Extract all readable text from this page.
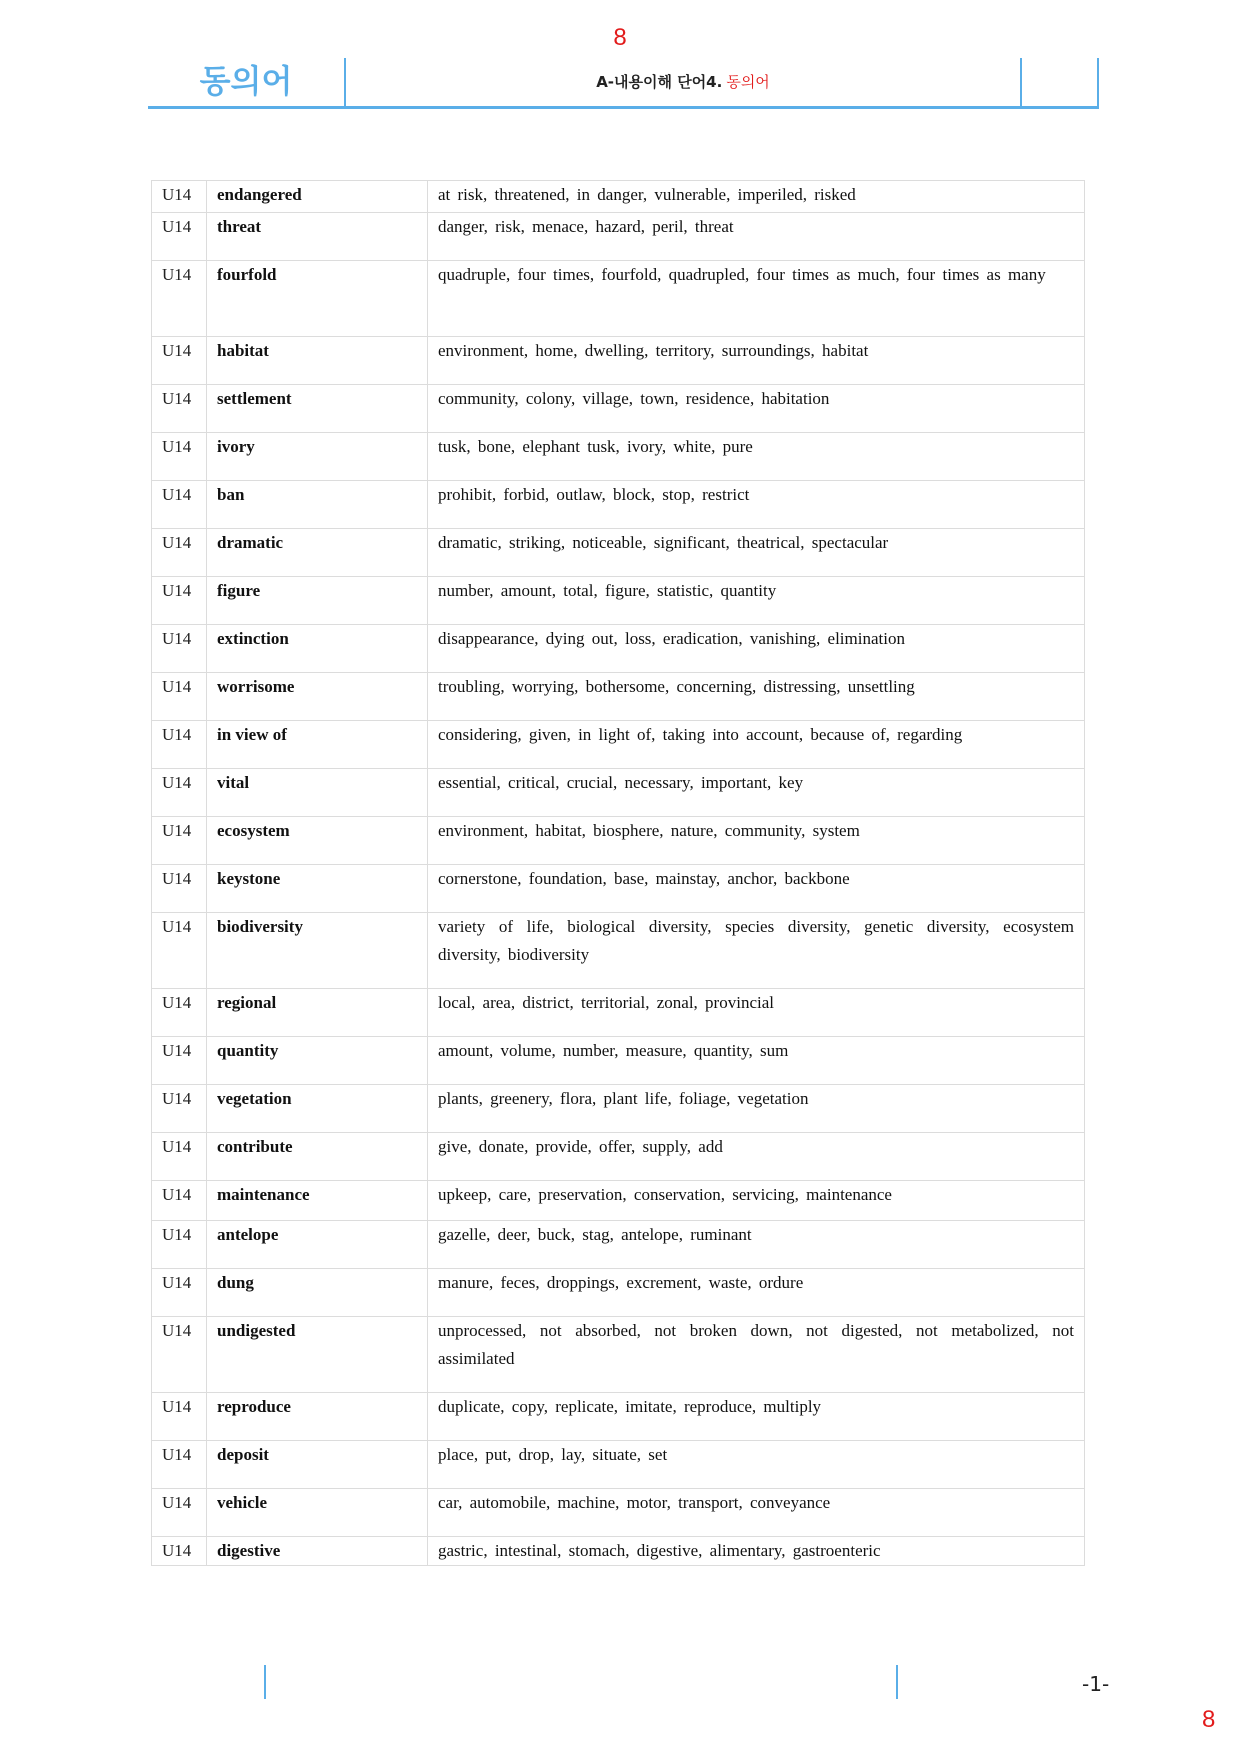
8
동의어	A-내용이해 단어4. 동의어
U14	endangered	at risk, threatened, in danger, vulnerable, imperiled, risked
U14	threat	danger, risk, menace, hazard, peril, threat
U14	fourfold	quadruple, four times, fourfold, quadrupled, four times as much, four times as many
U14	habitat	environment, home, dwelling, territory, surroundings, habitat
U14	settlement	community, colony, village, town, residence, habitation
U14	ivory	tusk, bone, elephant tusk, ivory, white, pure
U14	ban	prohibit, forbid, outlaw, block, stop, restrict
U14	dramatic	dramatic, striking, noticeable, significant, theatrical, spectacular
U14	figure	number, amount, total, figure, statistic, quantity
U14	extinction	disappearance, dying out, loss, eradication, vanishing, elimination
U14	worrisome	troubling, worrying, bothersome, concerning, distressing, unsettling
U14	in view of	considering, given, in light of, taking into account, because of, regarding
U14	vital	essential, critical, crucial, necessary, important, key
U14	ecosystem	environment, habitat, biosphere, nature, community, system
U14	keystone	cornerstone, foundation, base, mainstay, anchor, backbone
U14	biodiversity	variety of life, biological diversity, species diversity, genetic diversity, ecosystem diversity, biodiversity
U14	regional	local, area, district, territorial, zonal, provincial
U14	quantity	amount, volume, number, measure, quantity, sum
U14	vegetation	plants, greenery, flora, plant life, foliage, vegetation
U14	contribute	give, donate, provide, offer, supply, add
U14	maintenance	upkeep, care, preservation, conservation, servicing, maintenance
U14	antelope	gazelle, deer, buck, stag, antelope, ruminant
U14	dung	manure, feces, droppings, excrement, waste, ordure
U14	undigested	unprocessed, not absorbed, not broken down, not digested, not metabolized, not assimilated
U14	reproduce	duplicate, copy, replicate, imitate, reproduce, multiply
U14	deposit	place, put, drop, lay, situate, set
U14	vehicle	car, automobile, machine, motor, transport, conveyance
U14	digestive	gastric, intestinal, stomach, digestive, alimentary, gastroenteric
-1-
8
